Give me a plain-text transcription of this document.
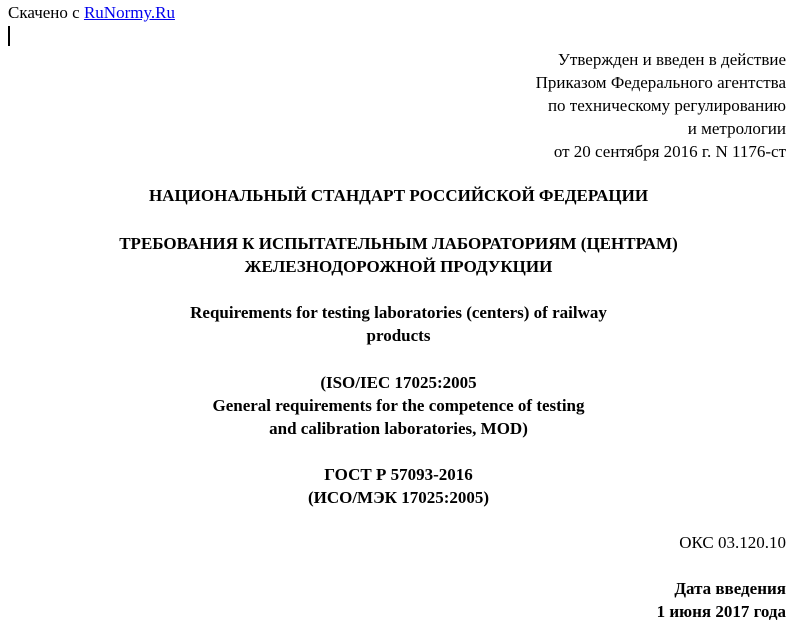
Скачено с RuNormy.Ru
Утвержден и введен в действие
Приказом Федерального агентства
по техническому регулированию
и метрологии
от 20 сентября 2016 г. N 1176-ст
НАЦИОНАЛЬНЫЙ СТАНДАРТ РОССИЙСКОЙ ФЕДЕРАЦИИ
ТРЕБОВАНИЯ К ИСПЫТАТЕЛЬНЫМ ЛАБОРАТОРИЯМ (ЦЕНТРАМ)
ЖЕЛЕЗНОДОРОЖНОЙ ПРОДУКЦИИ
Requirements for testing laboratories (centers) of railway
products
(ISO/IEC 17025:2005
General requirements for the competence of testing
and calibration laboratories, MOD)
ГОСТ Р 57093-2016
(ИСО/МЭК 17025:2005)
ОКС 03.120.10
Дата введения
1 июня 2017 года
